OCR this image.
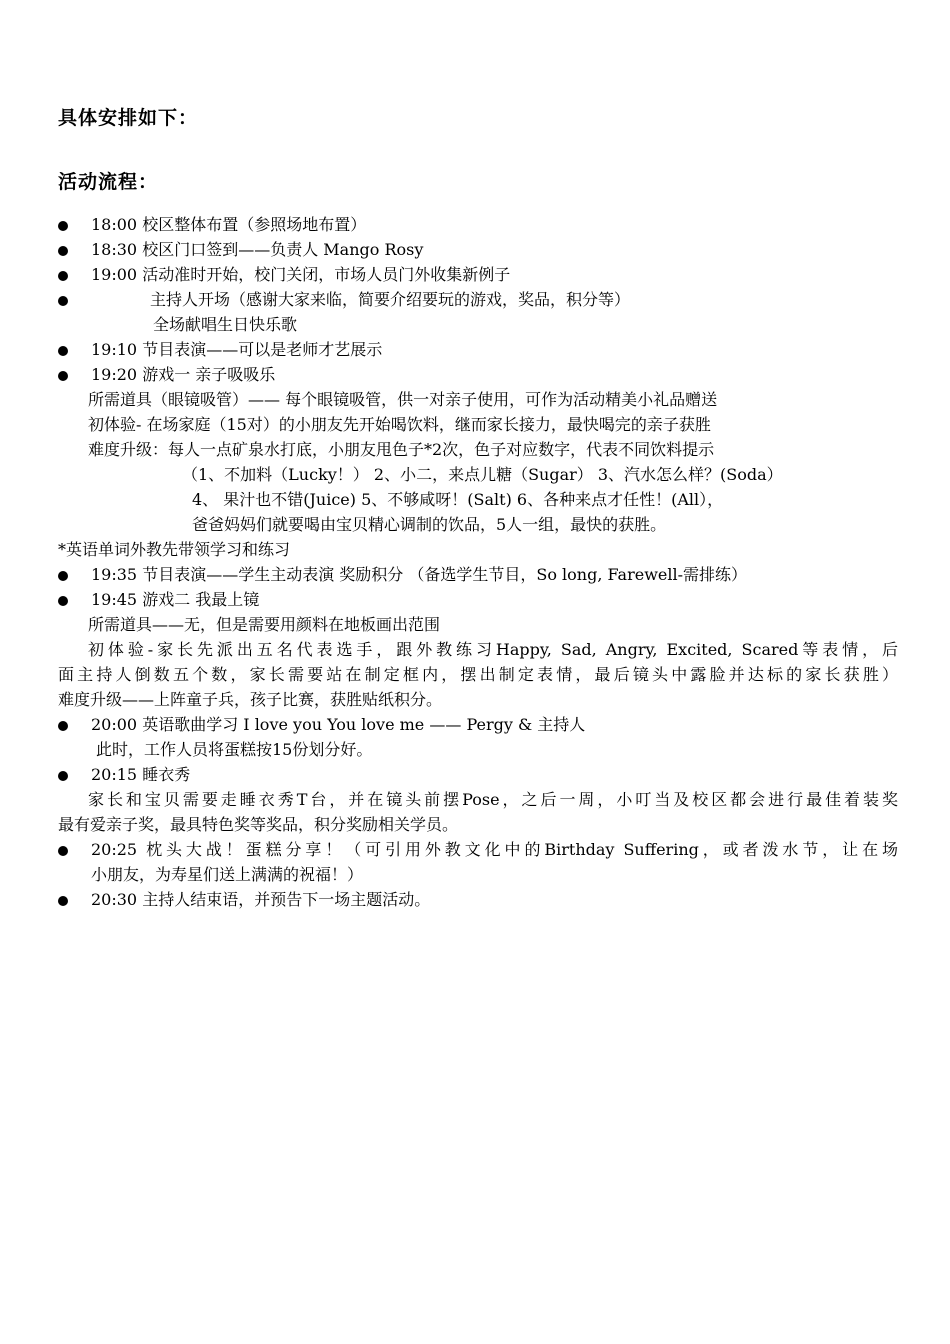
具体安排如下：
活动流程：
18:00 校区整体布置（参照场地布置）
18:30 校区门口签到——负责人 Mango Rosy
19:00 活动准时开始，校门关闭，市场人员门外收集新例子
主持人开场（感谢大家来临，简要介绍要玩的游戏，奖品，积分等）
全场献唱生日快乐歌
19:10 节目表演——可以是老师才艺展示
19:20 游戏一 亲子吸吸乐
所需道具（眼镜吸管）—— 每个眼镜吸管，供一对亲子使用，可作为活动精美小礼品赠送
初体验- 在场家庭（15对）的小朋友先开始喝饮料，继而家长接力，最快喝完的亲子获胜
难度升级：每人一点矿泉水打底，小朋友甩色子*2次，色子对应数字，代表不同饮料提示
（1、不加料（Lucky！） 2、小二，来点儿糖（Sugar） 3、汽水怎么样？(Soda）
4、 果汁也不错(Juice) 5、不够咸呀！(Salt) 6、各种来点才任性！(All），
爸爸妈妈们就要喝由宝贝精心调制的饮品，5人一组，最快的获胜。
*英语单词外教先带领学习和练习
19:35 节目表演——学生主动表演 奖励积分 （备选学生节目，So long, Farewell-需排练）
19:45 游戏二 我最上镜
所需道具——无，但是需要用颜料在地板画出范围
初体验-家长先派出五名代表选手，跟外教练习Happy, Sad, Angry, Excited, Scared等表情，后
面主持人倒数五个数，家长需要站在制定框内，摆出制定表情，最后镜头中露脸并达标的家长获胜）
难度升级——上阵童子兵，孩子比赛，获胜贴纸积分。
20:00 英语歌曲学习 I love you You love me —— Pergy & 主持人
此时，工作人员将蛋糕按15份划分好。
20:15 睡衣秀
家长和宝贝需要走睡衣秀T台，并在镜头前摆Pose，之后一周，小叮当及校区都会进行最佳着装奖
最有爱亲子奖，最具特色奖等奖品，积分奖励相关学员。
20:25 枕头大战！蛋糕分享！（可引用外教文化中的Birthday Suffering，或者泼水节，让在场
小朋友，为寿星们送上满满的祝福！）
20:30 主持人结束语，并预告下一场主题活动。
